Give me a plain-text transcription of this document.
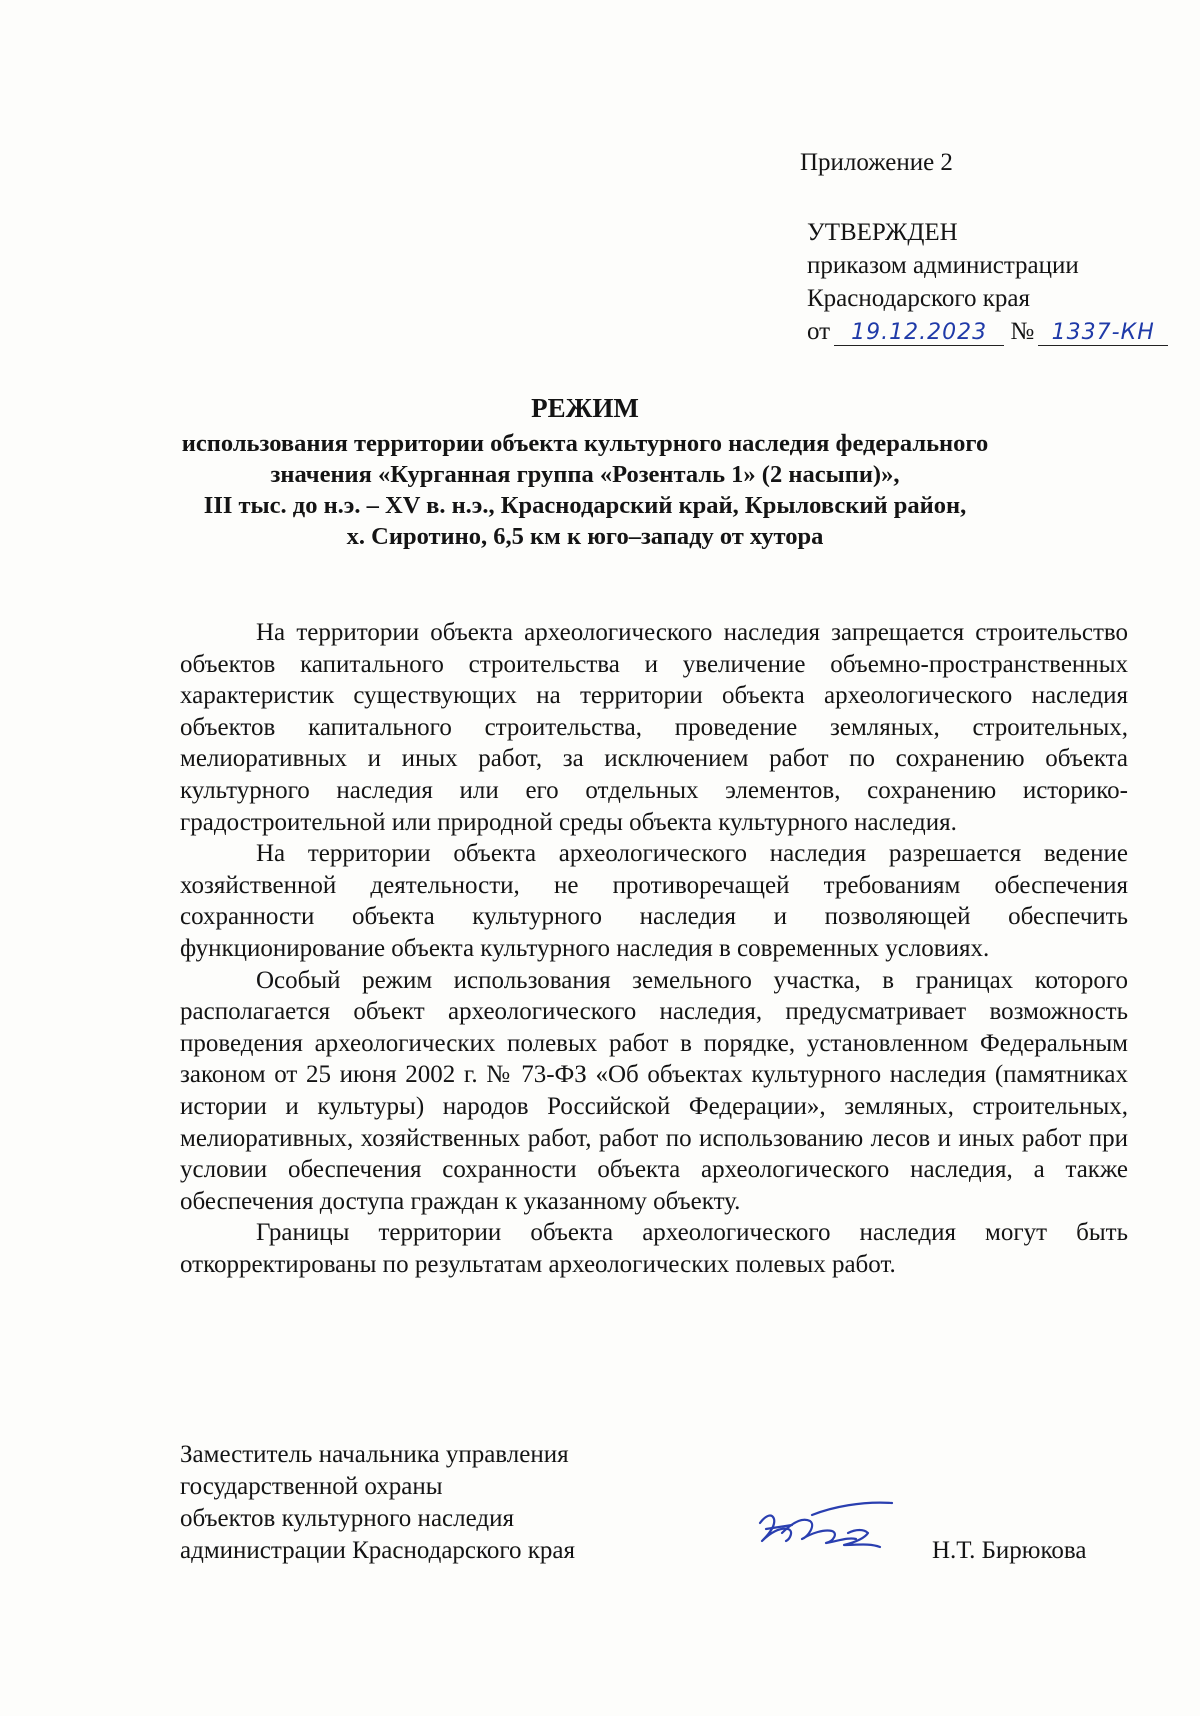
Приложение 2
УТВЕРЖДЕН
приказом администрации
Краснодарского края
от 19.12.2023 № 1337-КН
РЕЖИМ
использования территории объекта культурного наследия федерального
значения «Курганная группа «Розенталь 1» (2 насыпи)»,
III тыс. до н.э. – XV в. н.э., Краснодарский край, Крыловский район,
х. Сиротино, 6,5 км к юго–западу от хутора

На территории объекта археологического наследия запрещается строительство объектов капитального строительства и увеличение объемно-пространственных характеристик существующих на территории объекта археологического наследия объектов капитального строительства, проведение земляных, строительных, мелиоративных и иных работ, за исключением работ по сохранению объекта культурного наследия или его отдельных элементов, сохранению историко-градостроительной или природной среды объекта культурного наследия.

На территории объекта археологического наследия разрешается ведение хозяйственной деятельности, не противоречащей требованиям обеспечения сохранности объекта культурного наследия и позволяющей обеспечить функционирование объекта культурного наследия в современных условиях.

Особый режим использования земельного участка, в границах которого располагается объект археологического наследия, предусматривает возможность проведения археологических полевых работ в порядке, установленном Федеральным законом от 25 июня 2002 г. № 73-ФЗ «Об объектах культурного наследия (памятниках истории и культуры) народов Российской Федерации», земляных, строительных, мелиоративных, хозяйственных работ, работ по использованию лесов и иных работ при условии обеспечения сохранности объекта археологического наследия, а также обеспечения доступа граждан к указанному объекту.

Границы территории объекта археологического наследия могут быть откорректированы по результатам археологических полевых работ.

Заместитель начальника управления
государственной охраны
объектов культурного наследия
администрации Краснодарского края	Н.Т. Бирюкова
